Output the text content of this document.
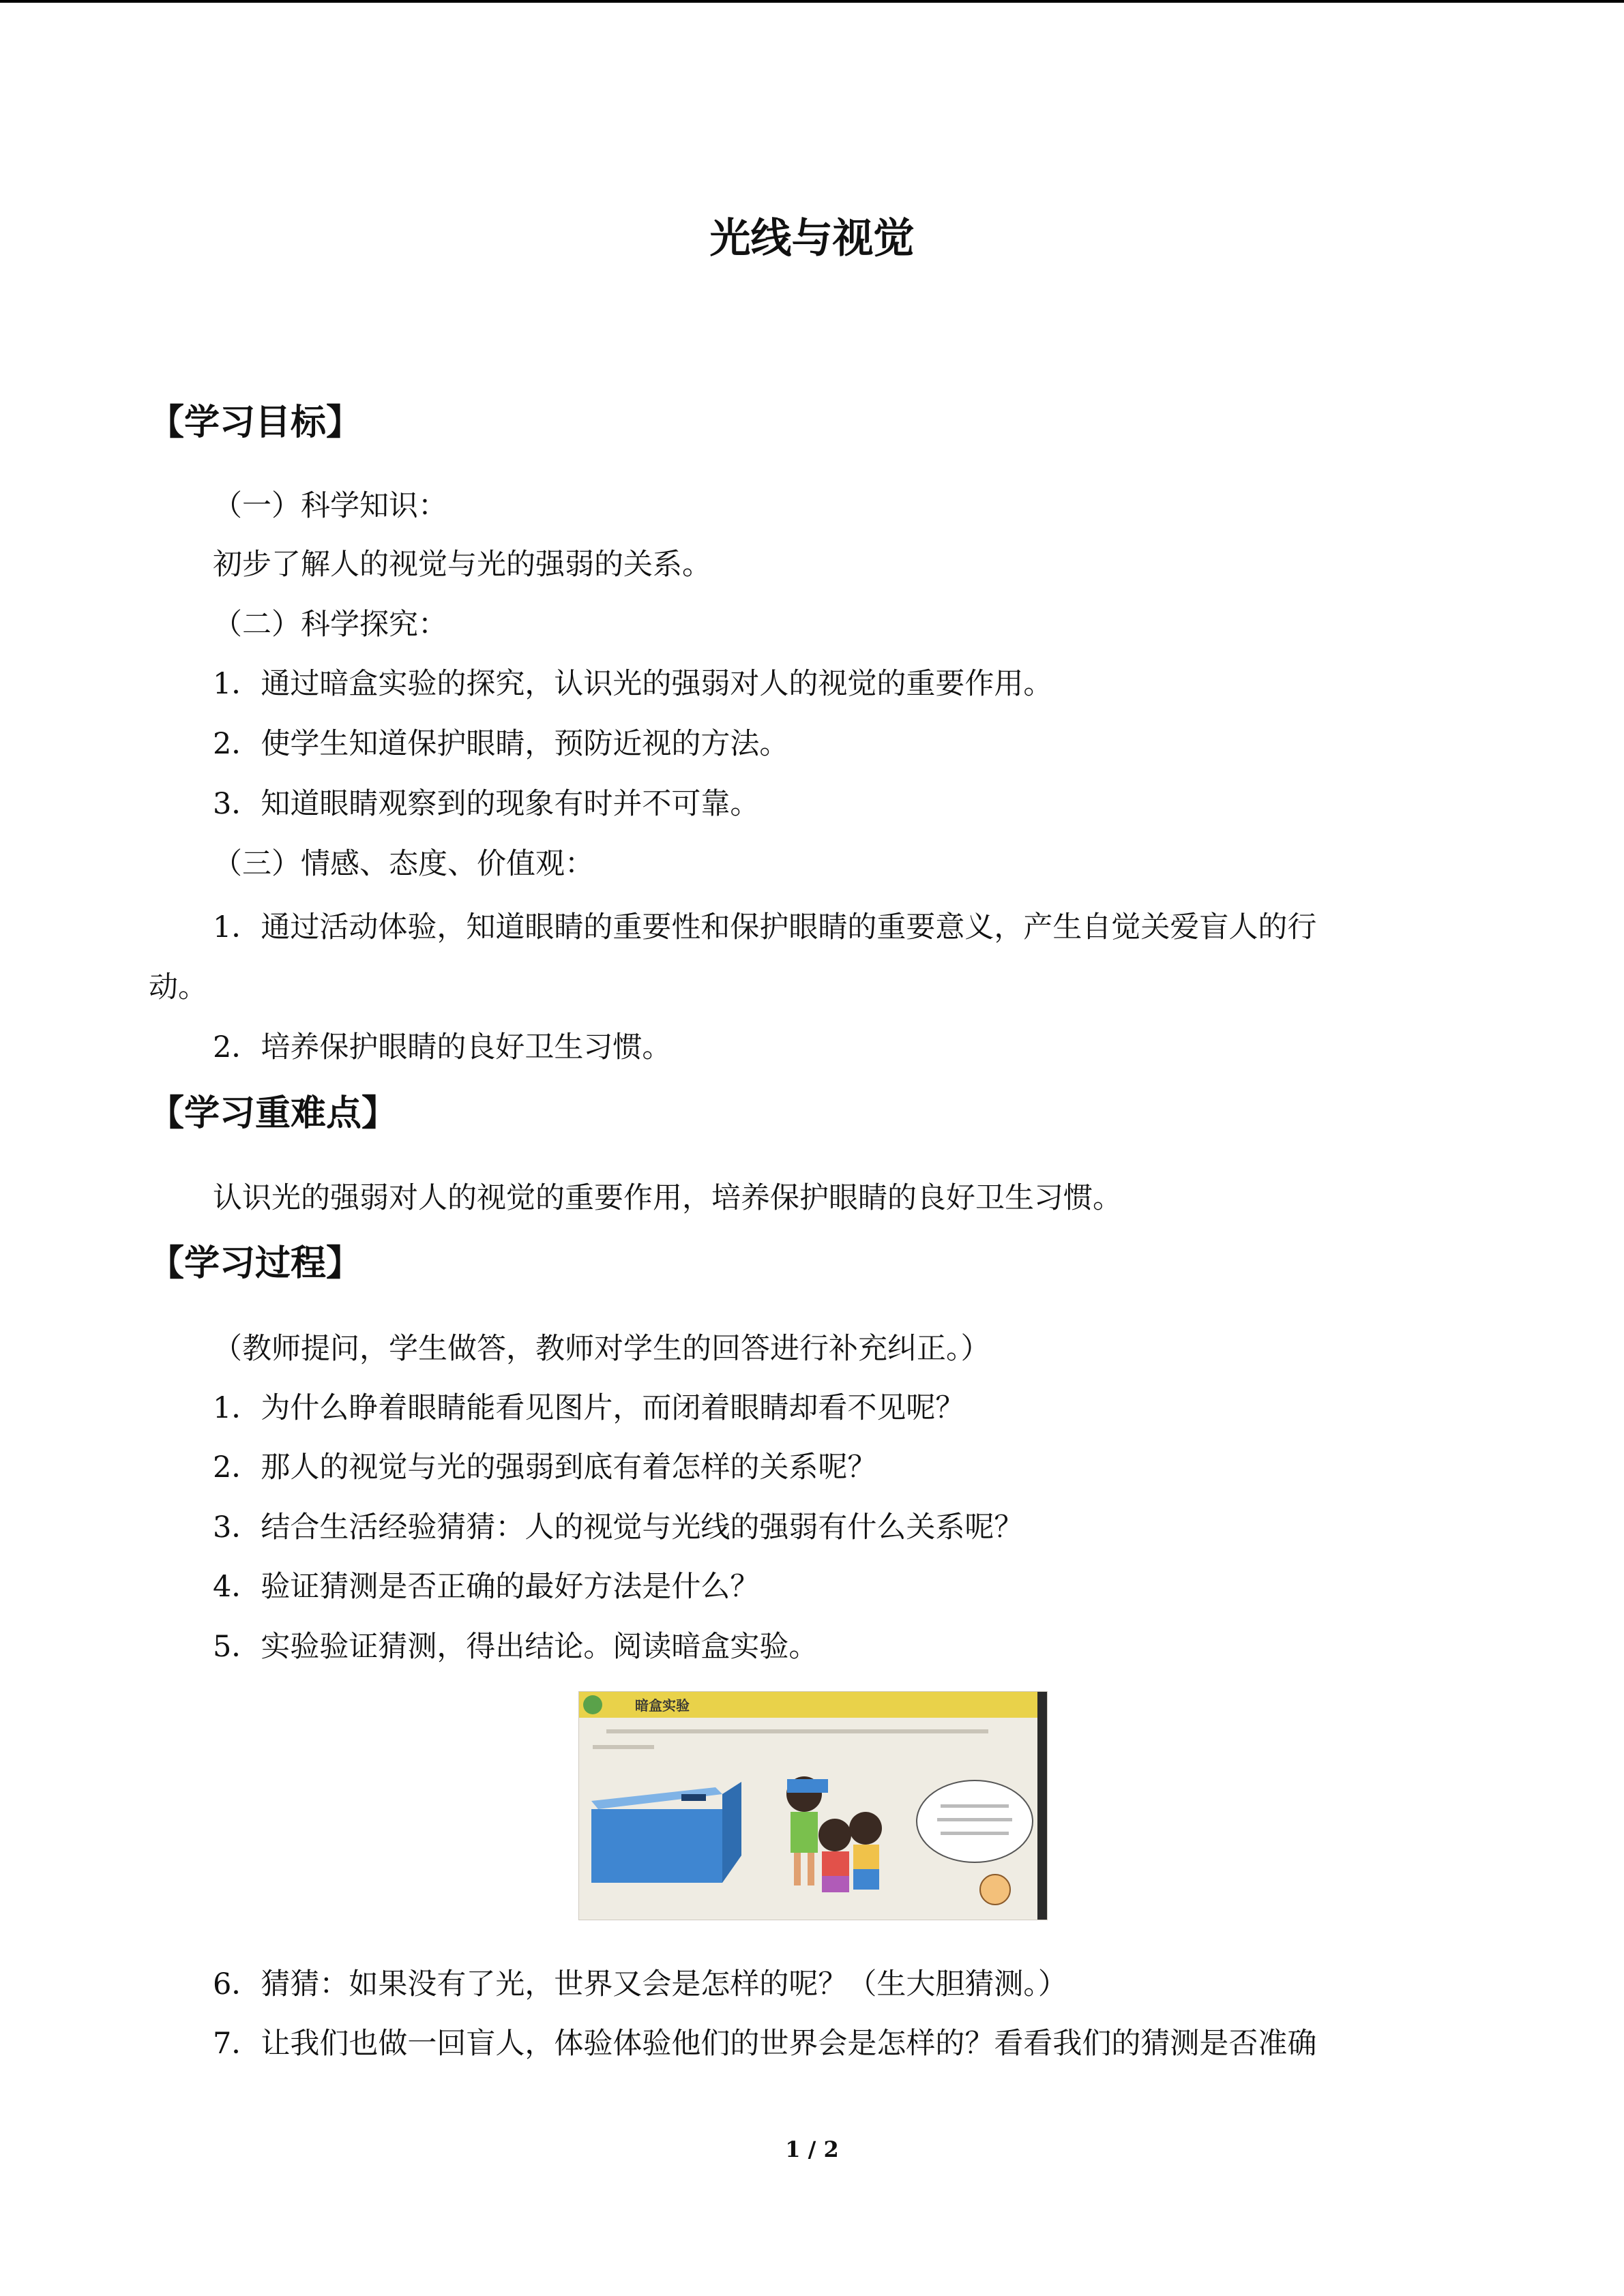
光线与视觉
【学习目标】
（一）科学知识：
初步了解人的视觉与光的强弱的关系。
（二）科学探究：
1．通过暗盒实验的探究，认识光的强弱对人的视觉的重要作用。
2．使学生知道保护眼睛，预防近视的方法。
3．知道眼睛观察到的现象有时并不可靠。
（三）情感、态度、价值观：
1．通过活动体验，知道眼睛的重要性和保护眼睛的重要意义，产生自觉关爱盲人的行
动。
2．培养保护眼睛的良好卫生习惯。
【学习重难点】
认识光的强弱对人的视觉的重要作用，培养保护眼睛的良好卫生习惯。
【学习过程】
（教师提问，学生做答，教师对学生的回答进行补充纠正。）
1．为什么睁着眼睛能看见图片，而闭着眼睛却看不见呢？
2．那人的视觉与光的强弱到底有着怎样的关系呢？
3．结合生活经验猜猜：人的视觉与光线的强弱有什么关系呢？
4．验证猜测是否正确的最好方法是什么？
5．实验验证猜测，得出结论。阅读暗盒实验。
暗盒实验
6．猜猜：如果没有了光，世界又会是怎样的呢？（生大胆猜测。）
7．让我们也做一回盲人，体验体验他们的世界会是怎样的？看看我们的猜测是否准确
1 / 2
